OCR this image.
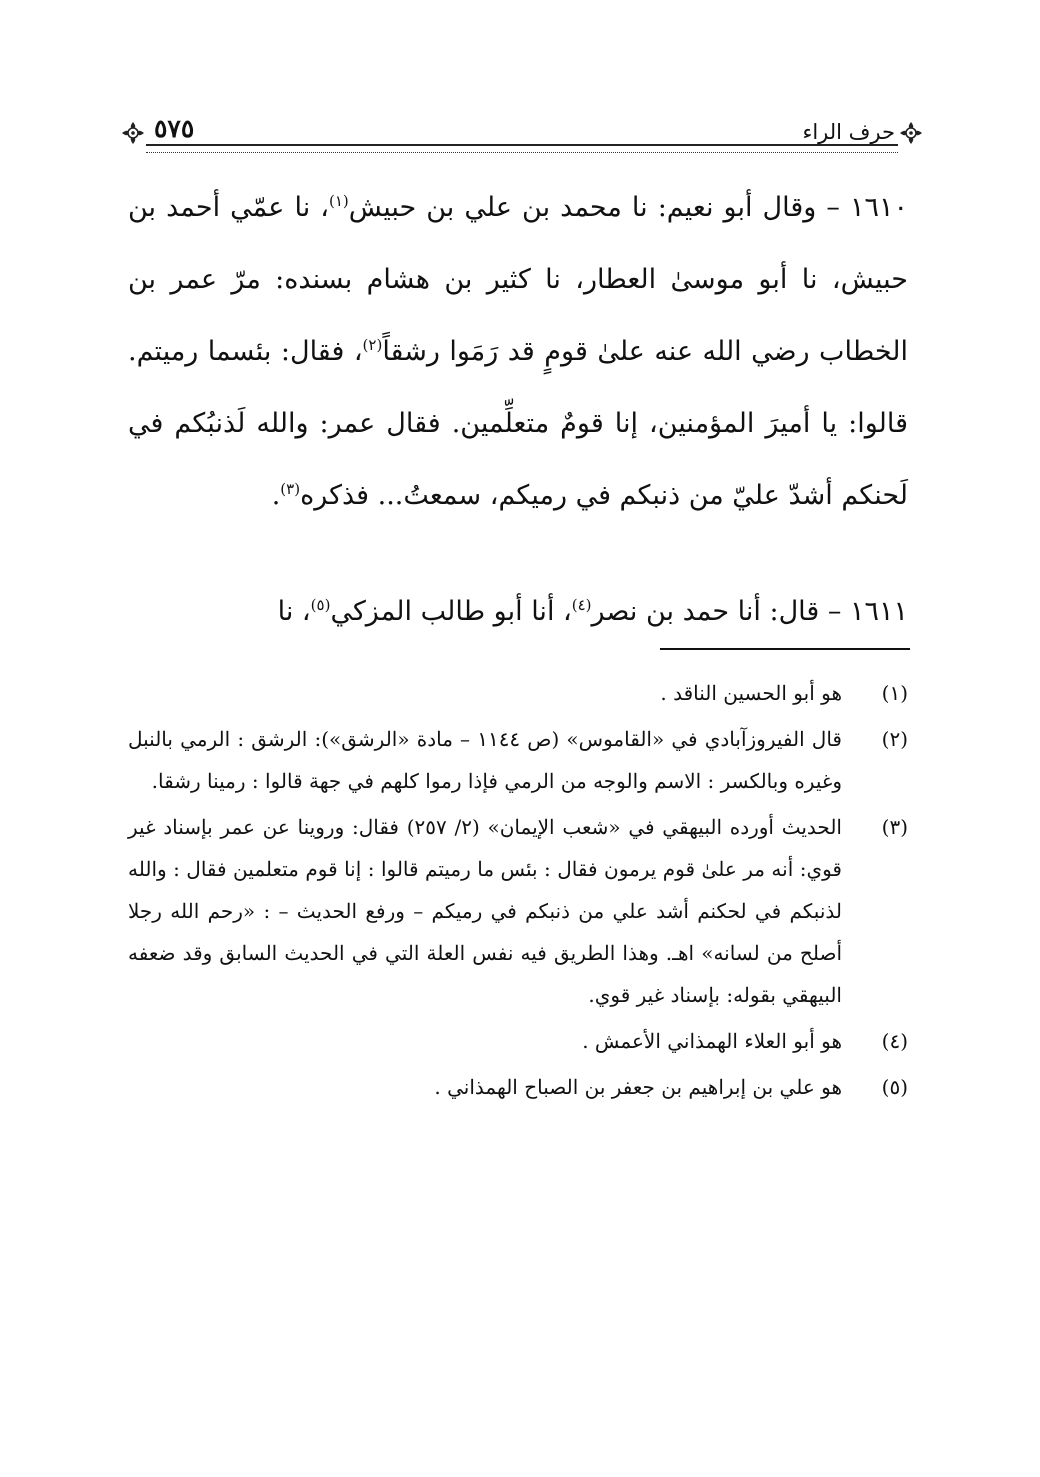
٥٧٥	حرف الراء

١٦١٠ – وقال أبو نعيم: نا محمد بن علي بن حبيش$^{(١)}$، نا عمّي أحمد بن حبيش، نا أبو موسىٰ العطار، نا كثير بن هشام بسنده: مرّ عمر بن الخطاب رضي الله عنه علىٰ قومٍ قد رَمَوا رشقاً$^{(٢)}$، فقال: بئسما رميتم. قالوا: يا أميرَ المؤمنين، إنا قومٌ متعلِّمين. فقال عمر: والله لَذنبُكم في لَحنكم أشدّ عليّ من ذنبكم في رميكم، سمعتُ... فذكره$^{(٣)}$.

١٦١١ – قال: أنا حمد بن نصر$^{(٤)}$، أنا أبو طالب المزكي$^{(٥)}$، نا

(١)
هو أبو الحسين الناقد .
(٢)
قال الفيروزآبادي في «القاموس» (ص ١١٤٤ – مادة «الرشق»): الرشق : الرمي بالنبل وغيره وبالكسر : الاسم والوجه من الرمي فإذا رموا كلهم في جهة قالوا : رمينا رشقا.
(٣)
الحديث أورده البيهقي في «شعب الإيمان» (٢/ ٢٥٧) فقال: وروينا عن عمر بإسناد غير قوي: أنه مر علىٰ قوم يرمون فقال : بئس ما رميتم قالوا : إنا قوم متعلمين فقال : والله لذنبكم في لحكنم أشد علي من ذنبكم في رميكم – ورفع الحديث – : «رحم الله رجلا أصلح من لسانه» اهـ. وهذا الطريق فيه نفس العلة التي في الحديث السابق وقد ضعفه البيهقي بقوله: بإسناد غير قوي.
(٤)
هو أبو العلاء الهمذاني الأعمش .
(٥)
هو علي بن إبراهيم بن جعفر بن الصباح الهمذاني .
